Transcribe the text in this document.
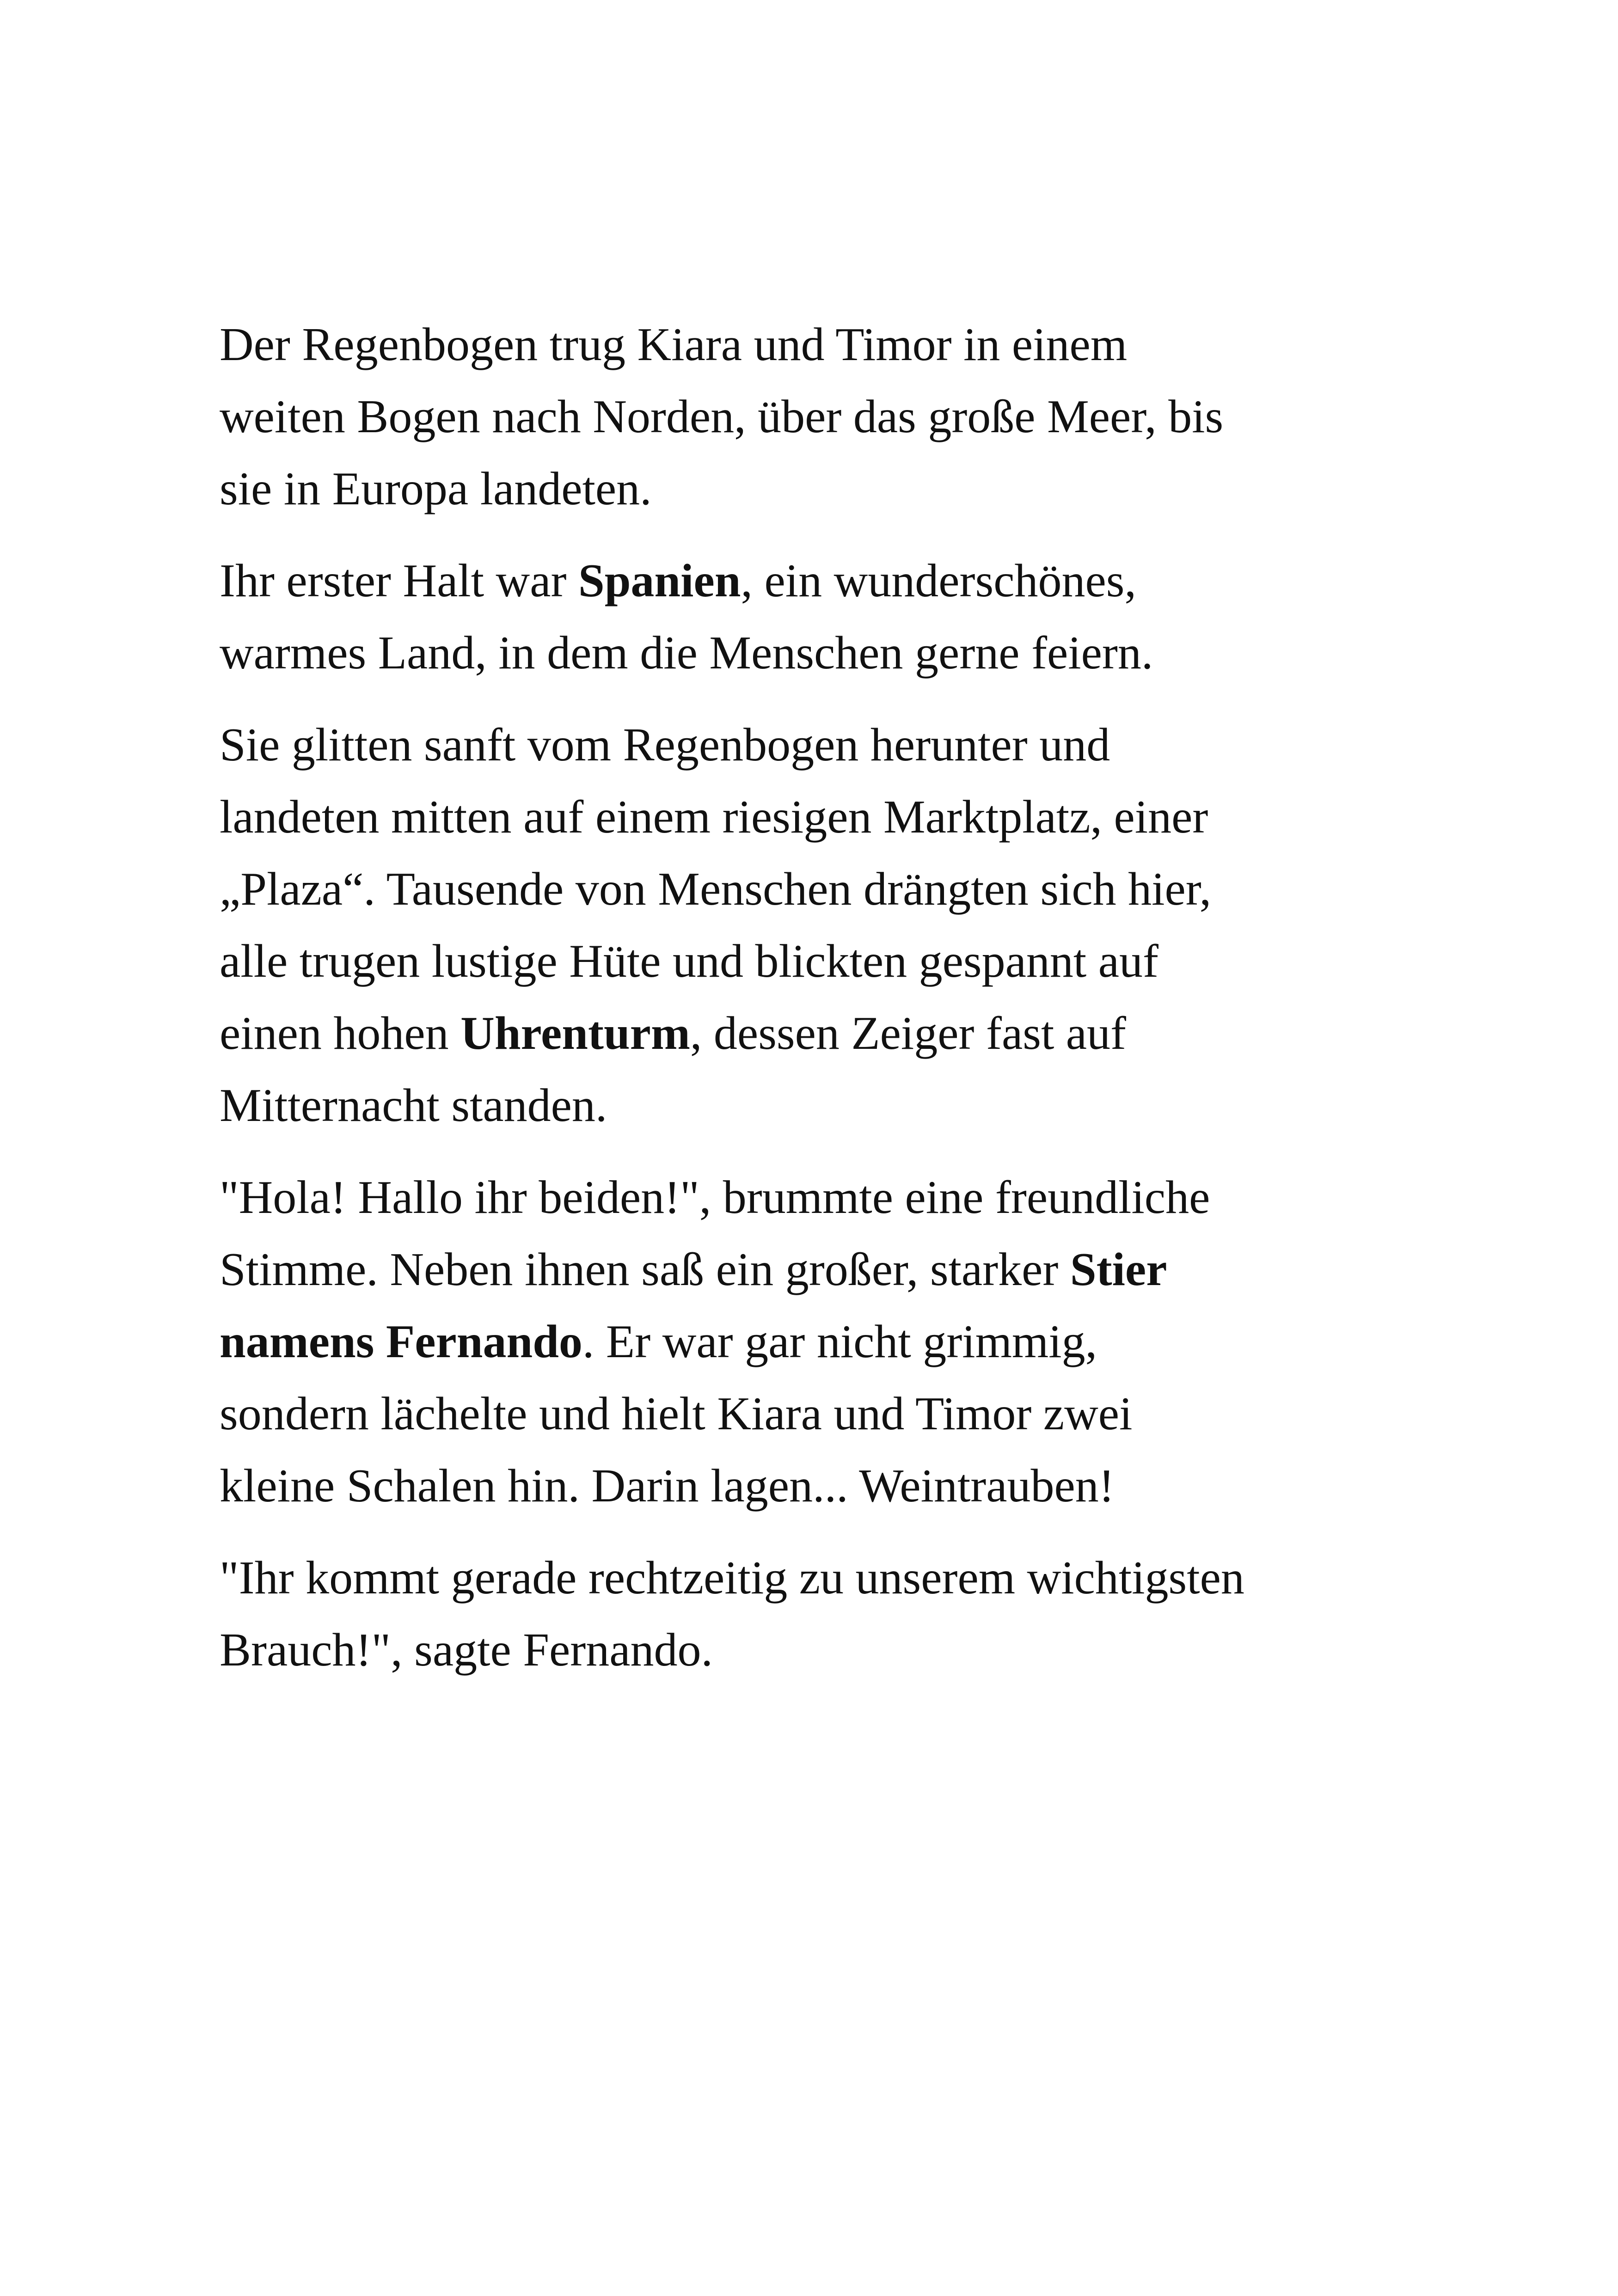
Der Regenbogen trug Kiara und Timor in einem
weiten Bogen nach Norden, über das große Meer, bis
sie in Europa landeten.

Ihr erster Halt war Spanien, ein wunderschönes,
warmes Land, in dem die Menschen gerne feiern.

Sie glitten sanft vom Regenbogen herunter und
landeten mitten auf einem riesigen Marktplatz, einer
„Plaza“. Tausende von Menschen drängten sich hier,
alle trugen lustige Hüte und blickten gespannt auf
einen hohen Uhrenturm, dessen Zeiger fast auf
Mitternacht standen.

"Hola! Hallo ihr beiden!", brummte eine freundliche
Stimme. Neben ihnen saß ein großer, starker Stier
namens Fernando. Er war gar nicht grimmig,
sondern lächelte und hielt Kiara und Timor zwei
kleine Schalen hin. Darin lagen... Weintrauben!

"Ihr kommt gerade rechtzeitig zu unserem wichtigsten
Brauch!", sagte Fernando.
